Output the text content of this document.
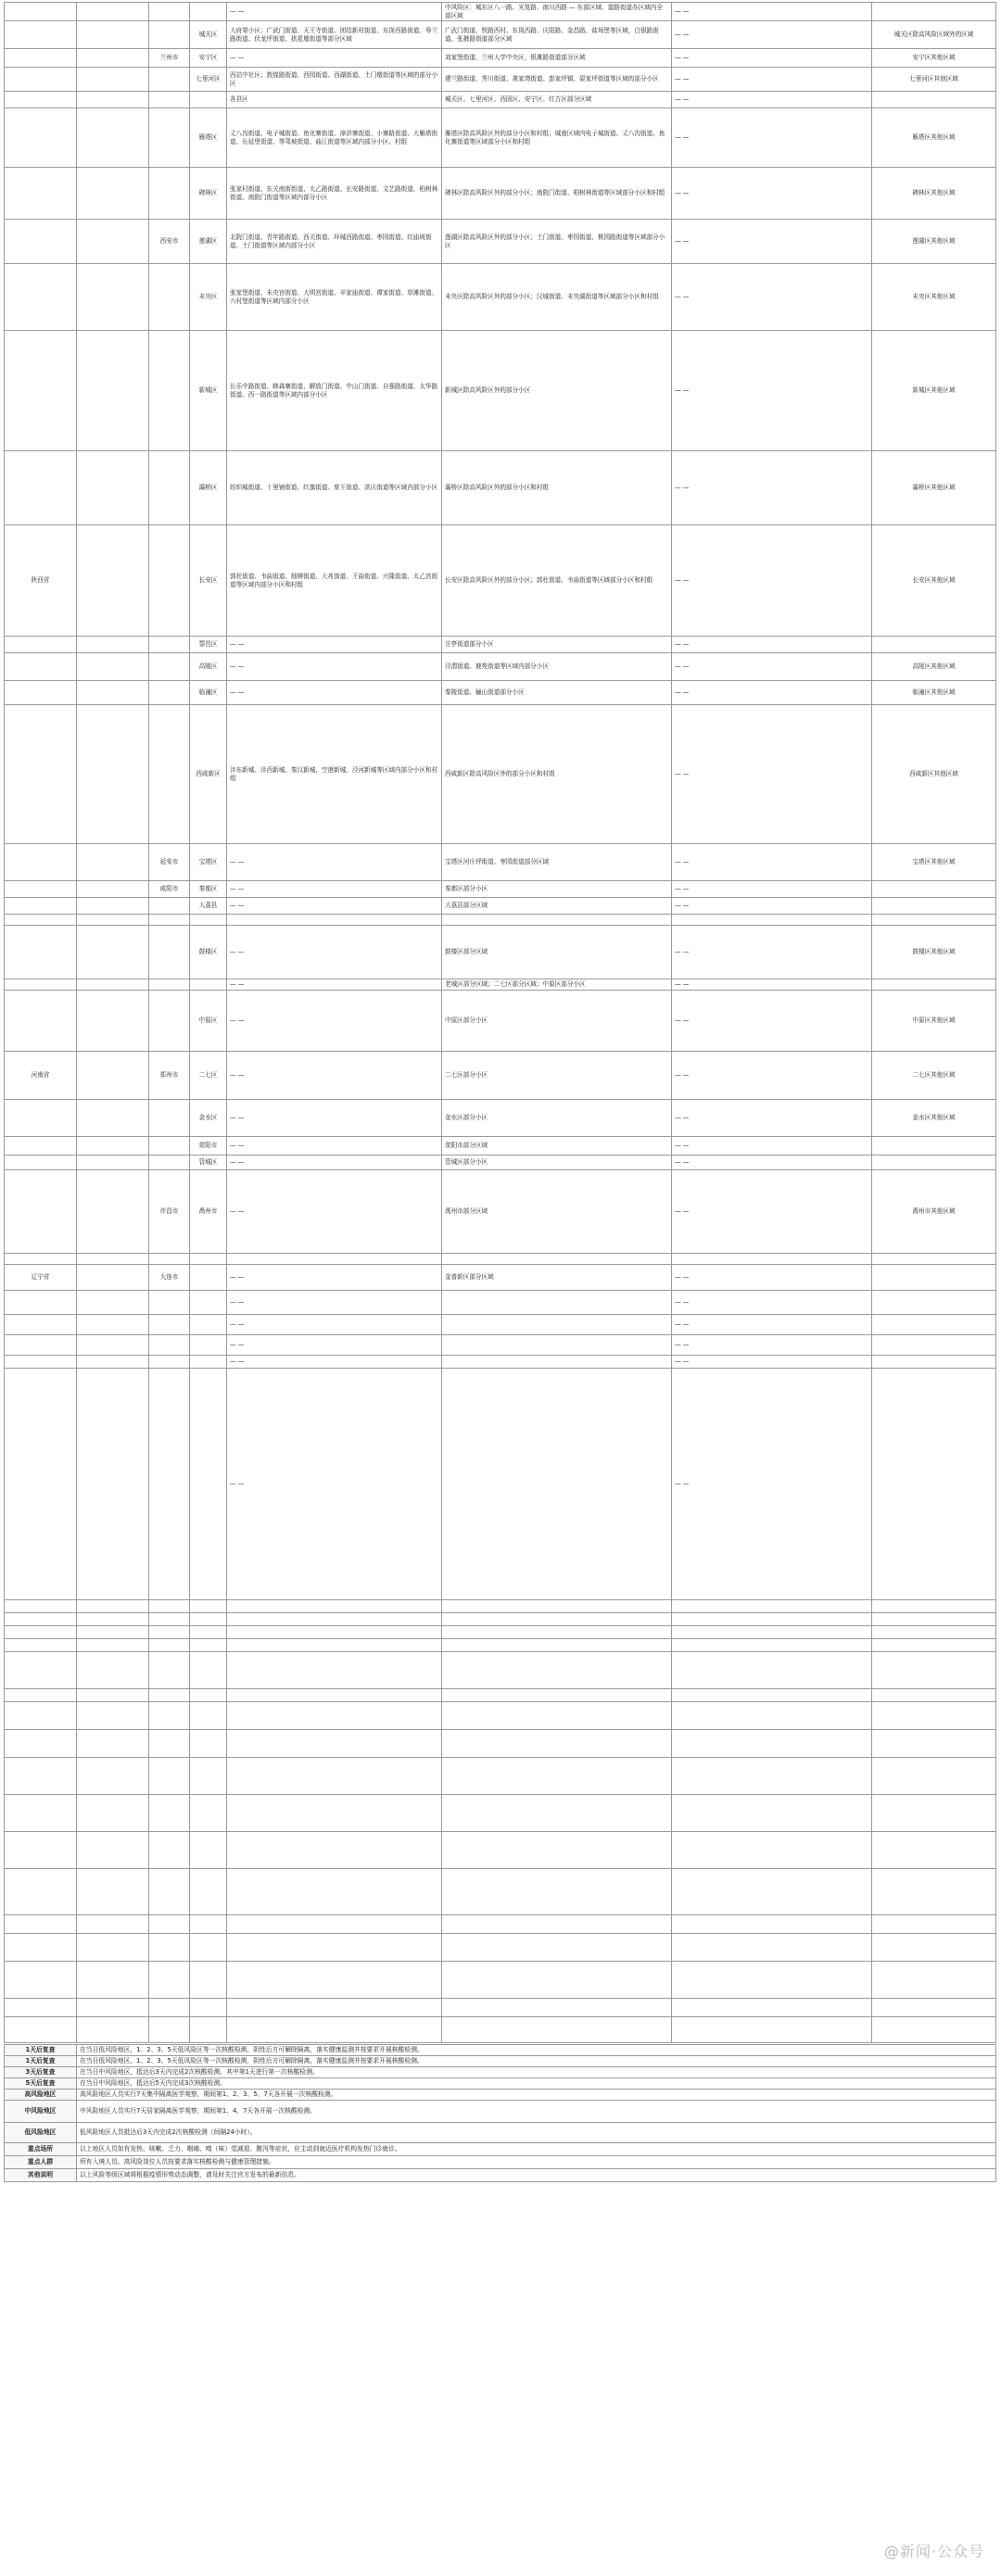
				— —	中风险区：城东区八一路、光复路、南川西路 — 东部区域、道路街道办区域内全部区域	— —	
			城关区	大府第小区；广武门街道、天王寺街道、团结新村街道、东岗西路街道、皋兰路街道、伏龙坪街道、拱星墩街道等部分区域	广武门街道、铁路西村、东岗西路、庆阳路、金昌路、盐场堡等区域，白银路街道、张掖路街道部分区域	— —	城关区除高风险区域外的区域
		兰州市	安宁区	— —	刘家堡街道、兰州大学中央区，银滩路街道部分区域	— —	安宁区其他区域
			七里河区	西站中社区；敦煌路街道、西园街道、西湖街道、土门墩街道等区域的部分小区	建兰路街道、秀川街道、龚家湾街道、彭家坪镇、晏家坪街道等区域的部分小区	— —	七里河区其他区域
				各县区	城关区、七里河区、西固区、安宁区、红古区部分区域	— —	
			雁塔区	丈八沟街道、电子城街道、鱼化寨街道、漳浒寨街道、小寨路街道、大雁塔街道、长延堡街道、等驾坡街道、曲江街道等区域内部分小区、村组	雁塔区除高风险区外的部分小区和村组；城南区域内电子城街道、丈八沟街道、鱼化寨街道等区域部分小区和村组	— —	雁塔区其他区域
			碑林区	张家村街道、东关南街街道、太乙路街道、长安路街道、文艺路街道、柏树林街道、南院门街道等区域内部分小区	碑林区除高风险区外的部分小区；南院门街道、柏树林街道等区域部分小区和村组	— —	碑林区其他区域
		西安市	莲湖区	北院门街道、青年路街道、西关街道、环城西路街道、枣园街道、红庙坡街道、土门街道等区域内部分小区	莲湖区除高风险区外的部分小区；土门街道、枣园街道、桃园路街道等区域部分小区	— —	莲湖区其他区域
			未央区	张家堡街道、未央宫街道、大明宫街道、辛家庙街道、谭家街道、草滩街道、六村堡街道等区域内部分小区	未央区除高风险区外的部分小区；汉城街道、未央湖街道等区域部分小区和村组	— —	未央区其他区域
			新城区	长乐中路街道、韩森寨街道、解放门街道、中山门街道、自强路街道、太华路街道、西一路街道等区域内部分小区	新城区除高风险区外的部分小区	— —	新城区其他区域
			灞桥区	纺织城街道、十里铺街道、红旗街道、席王街道、洪庆街道等区域内部分小区	灞桥区除高风险区外的部分小区和村组	— —	灞桥区其他区域
陕西省			长安区	郭杜街道、韦曲街道、细柳街道、大兆街道、王曲街道、兴隆街道、太乙宫街道等区域内部分小区和村组	长安区除高风险区外的部分小区；郭杜街道、韦曲街道等区域部分小区和村组	— —	长安区其他区域
			鄠邑区	— —	甘亭街道部分小区	— —	
			高陵区	— —	泾渭街道、鹿苑街道等区域内部分小区	— —	高陵区其他区域
			临潼区	— —	秦陵街道、骊山街道部分小区	— —	临潼区其他区域
			西咸新区	沣东新城、沣西新城、秦汉新城、空港新城、泾河新城等区域内部分小区和村组	西咸新区除高风险区外的部分小区和村组	— —	西咸新区其他区域
		延安市	宝塔区	— —	宝塔区河庄坪街道、枣园街道部分区域	— —	宝塔区其他区域
		咸阳市	秦都区	— —	秦都区部分小区	— —	
			大荔县	— —	大荔县部分区域	— —	

			鼓楼区	— —	鼓楼区部分区域	— —	鼓楼区其他区域
				— —	老城区部分区域；二七区部分区域；中原区部分小区	— —	
			中原区	— —	中原区部分小区	— —	中原区其他区域
河南省		郑州市	二七区	— —	二七区部分小区	— —	二七区其他区域
			金水区	— —	金水区部分小区	— —	金水区其他区域
			荥阳市	— —	荥阳市部分区域	— —	
			管城区	— —	管城区部分小区	— —	
		许昌市	禹州市	— —	禹州市部分区域	— —	禹州市其他区域

辽宁省		大连市		— —	金普新区部分区域	— —	
				— —		— —	
				— —		— —	
				— —		— —	
				— —		— —	
				— —		— —	

1天后复查	在当日低风险地区，1、2、3、5天低风险区等一次核酸检测，阴性后方可解除隔离，落实健康监测并按要求开展核酸检测。
1天后复查	在当日低风险地区，1、2、3、5天低风险区等一次核酸检测，阴性后方可解除隔离，落实健康监测并按要求开展核酸检测。
3天后复查	在当日中风险地区，抵达后3天内完成2次核酸检测，其中第1天进行第一次核酸检测。
5天后复查	在当日中风险地区，抵达后5天内完成3次核酸检测。
高风险地区	高风险地区人员实行7天集中隔离医学观察，期间第1、2、3、5、7天各开展一次核酸检测。
中风险地区	中风险地区人员实行7天居家隔离医学观察，期间第1、4、7天各开展一次核酸检测。
低风险地区	低风险地区人员抵达后3天内完成2次核酸检测（间隔24小时）。
重点场所	以上地区人员如有发热、咳嗽、乏力、咽痛、嗅（味）觉减退、腹泻等症状，应主动到就近医疗机构发热门诊就诊。
重点人群	所有入境人员、高风险岗位人员按要求落实核酸检测与健康管理措施。
其他说明	以上风险等级区域将根据疫情形势动态调整，请及时关注官方发布的最新信息。
@新闻·公众号
